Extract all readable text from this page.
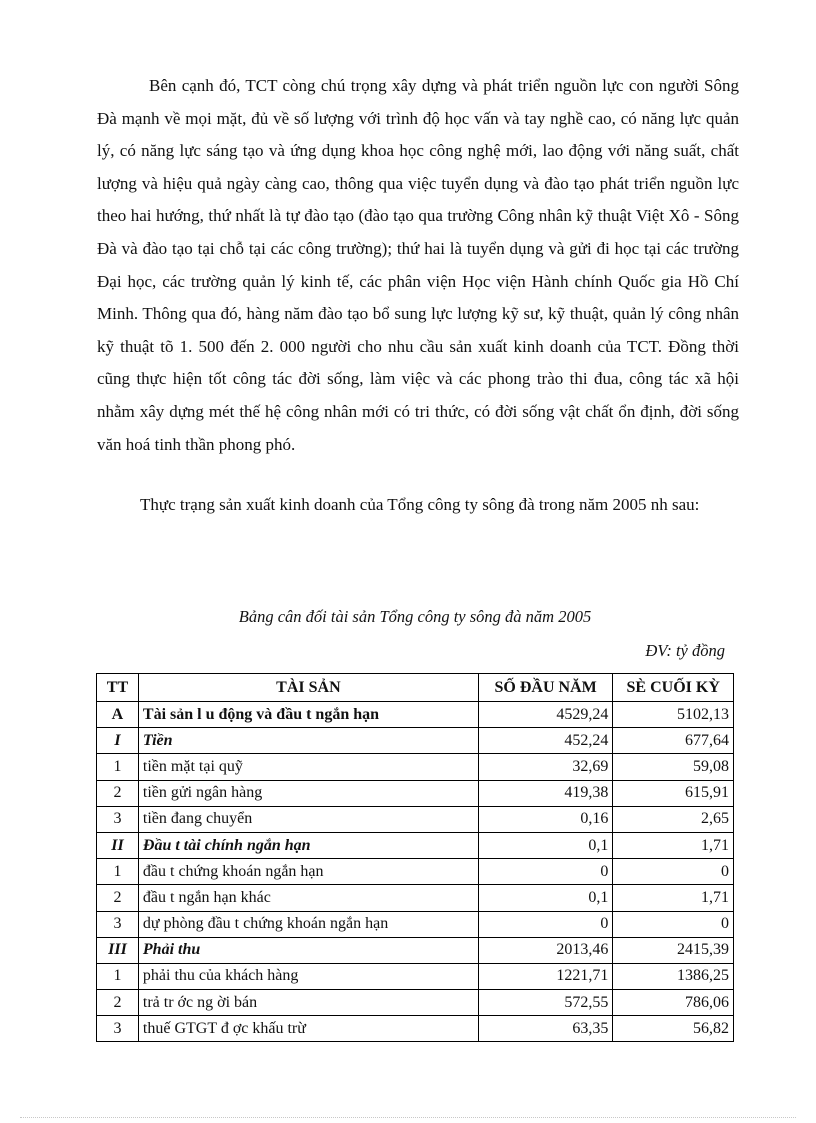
Bên cạnh đó, TCT còng chú trọng xây dựng và phát triển nguồn lực con người Sông Đà mạnh về mọi mặt, đủ về số lượng với trình độ học vấn và tay nghề cao, có năng lực quản lý, có năng lực sáng tạo và ứng dụng khoa học công nghệ mới, lao động với năng suất, chất lượng và hiệu quả ngày càng cao, thông qua việc tuyển dụng và đào tạo phát triển nguồn lực theo hai hướng, thứ nhất là tự đào tạo (đào tạo qua trường Công nhân kỹ thuật Việt Xô - Sông Đà và đào tạo tại chỗ tại các công trường); thứ hai là tuyển dụng và gửi đi học tại các trường Đại học, các trường quản lý kinh tế, các phân viện Học viện Hành chính Quốc gia Hồ Chí Minh. Thông qua đó, hàng năm đào tạo bổ sung lực lượng kỹ sư, kỹ thuật, quản lý công nhân kỹ thuật tõ 1. 500 đến 2. 000 người cho nhu cầu sản xuất kinh doanh của TCT. Đồng thời cũng thực hiện tốt công tác đời sống, làm việc và các phong trào thi đua, công tác xã hội nhằm xây dựng mét thế hệ công nhân mới có tri thức, có đời sống vật chất ổn định, đời sống văn hoá tinh thần phong phó.

Thực trạng sản xuất kinh doanh của Tổng công ty sông đà trong năm 2005 nh sau:

Bảng cân đối tài sản Tổng công ty sông đà năm 2005
ĐV: tỷ đồng
TT	TÀI SẢN	SỐ ĐẦU NĂM	SÈ CUỐI KỲ
A	Tài sản l u động và đầu t ngắn hạn	4529,24	5102,13
I	Tiền	452,24	677,64
1	tiền mặt tại quỹ	32,69	59,08
2	tiền gửi ngân hàng	419,38	615,91
3	tiền đang chuyển	0,16	2,65
II	Đầu t tài chính ngắn hạn	0,1	1,71
1	đầu t chứng khoán ngắn hạn	0	0
2	đầu t ngắn hạn khác	0,1	1,71
3	dự phòng đầu t chứng khoán ngắn hạn	0	0
III	Phải thu	2013,46	2415,39
1	phải thu của khách hàng	1221,71	1386,25
2	trả tr ớc ng ời bán	572,55	786,06
3	thuế GTGT đ ợc khấu trừ	63,35	56,82
